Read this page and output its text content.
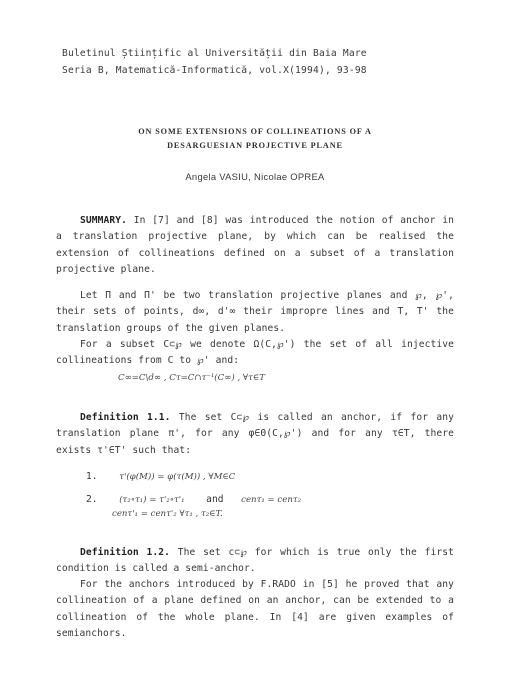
Buletinul Științific al Universității din Baia Mare
Seria B, Matematică-Informatică, vol.X(1994), 93-98
ON SOME EXTENSIONS OF COLLINEATIONS OF A
DESARGUESIAN PROJECTIVE PLANE
Angela VASIU, Nicolae OPREA
SUMMARY. In [7] and [8] was introduced the notion of anchor in
a translation projective plane, by which can be realised the
extension of collineations defined on a subset of a translation
projective plane.
Let Π and Π' be two translation projective planes and ℘, ℘',
their sets of points, d∞, d'∞ their impropre lines and T, T' the
translation groups of the given planes.
For a subset C⊂℘ we denote Ω(C,℘') the set of all injective
collineations from C to ℘' and:
C∞=C\d∞ , Cτ=C∩τ⁻¹(C∞) , ∀τ∈T
Definition 1.1. The set C⊂℘ is called an anchor, if for any
translation plane π', for any φ∈Θ(C,℘') and for any τ∈T, there
exists τ'∈T' such that:
1.	τ'(φ(M)) = φ(τ(M)) , ∀M∈C
2.	(τ₂∘τ₁) = τ'₂∘τ'₁ and cenτ₁ = cenτ₂
cenτ'₁ = cenτ'₂ ∀τ₁ , τ₂∈T.
Definition 1.2. The set c⊂℘ for which is true only the first
condition is called a semi-anchor.
For the anchors introduced by F.RADO in [5] he proved that any
collineation of a plane defined on an anchor, can be extended to a
collineation of the whole plane. In [4] are given examples of
semianchors.
